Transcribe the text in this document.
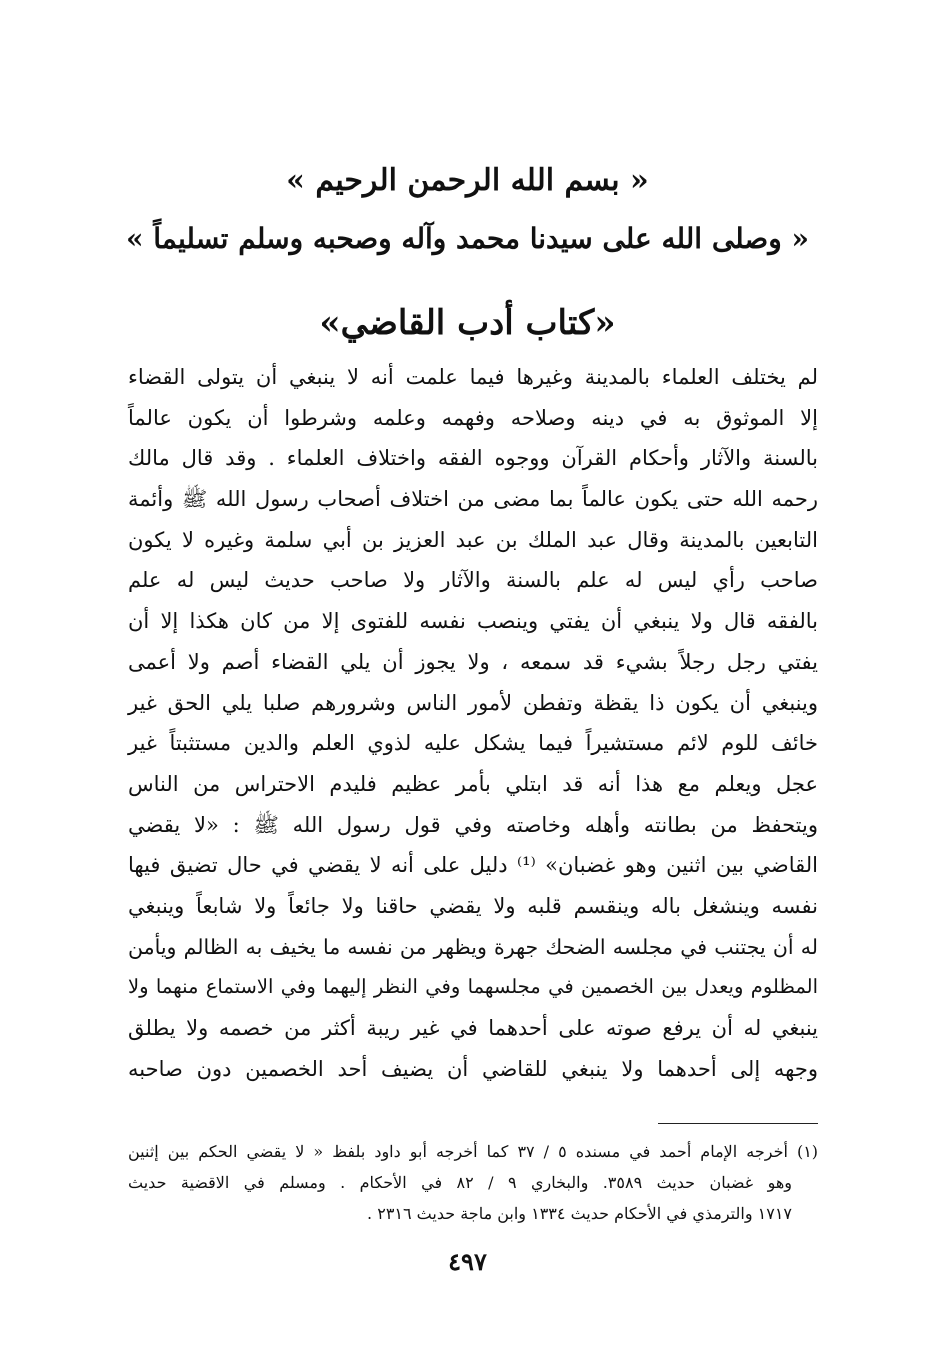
« بسم الله الرحمن الرحيم »
« وصلى الله على سيدنا محمد وآله وصحبه وسلم تسليماً »
«كتاب أدب القاضي»
لم يختلف العلماء بالمدينة وغيرها فيما علمت أنه لا ينبغي أن يتولى القضاء
إلا الموثوق به في دينه وصلاحه وفهمه وعلمه وشرطوا أن يكون عالماً
بالسنة والآثار وأحكام القرآن ووجوه الفقه واختلاف العلماء . وقد قال مالك
رحمه الله حتى يكون عالماً بما مضى من اختلاف أصحاب رسول الله ﷺ وأئمة
التابعين بالمدينة وقال عبد الملك بن عبد العزيز بن أبي سلمة وغيره لا يكون
صاحب رأي ليس له علم بالسنة والآثار ولا صاحب حديث ليس له علم
بالفقه قال ولا ينبغي أن يفتي وينصب نفسه للفتوى إلا من كان هكذا إلا أن
يفتي رجل رجلاً بشيء قد سمعه ، ولا يجوز أن يلي القضاء أصم ولا أعمى
وينبغي أن يكون ذا يقظة وتفطن لأمور الناس وشرورهم صلبا يلي الحق غير
خائف للوم لائم مستشيراً فيما يشكل عليه لذوي العلم والدين مستثبتاً غير
عجل ويعلم مع هذا أنه قد ابتلي بأمر عظيم فليدم الاحتراس من الناس
ويتحفظ من بطانته وأهله وخاصته وفي قول رسول الله ﷺ : «لا يقضي
القاضي بين اثنين وهو غضبان» ⁽¹⁾ دليل على أنه لا يقضي في حال تضيق فيها
نفسه وينشغل باله وينقسم قلبه ولا يقضي حاقنا ولا جائعاً ولا شابعاً وينبغي
له أن يجتنب في مجلسه الضحك جهرة ويظهر من نفسه ما يخيف به الظالم ويأمن
المظلوم ويعدل بين الخصمين في مجلسهما وفي النظر إليهما وفي الاستماع منهما ولا
ينبغي له أن يرفع صوته على أحدهما في غير ريبة أكثر من خصمه ولا يطلق
وجهه إلى أحدهما ولا ينبغي للقاضي أن يضيف أحد الخصمين دون صاحبه
(١) أخرجه الإمام أحمد في مسنده ٥ / ٣٧ كما أخرجه أبو داود بلفظ « لا يقضي الحكم بين إثنين
وهو غضبان حديث ٣٥٨٩. والبخاري ٩ / ٨٢ في الأحكام . ومسلم في الاقضية حديث
١٧١٧ والترمذي في الأحكام حديث ١٣٣٤ وابن ماجة حديث ٢٣١٦ .
٤٩٧
